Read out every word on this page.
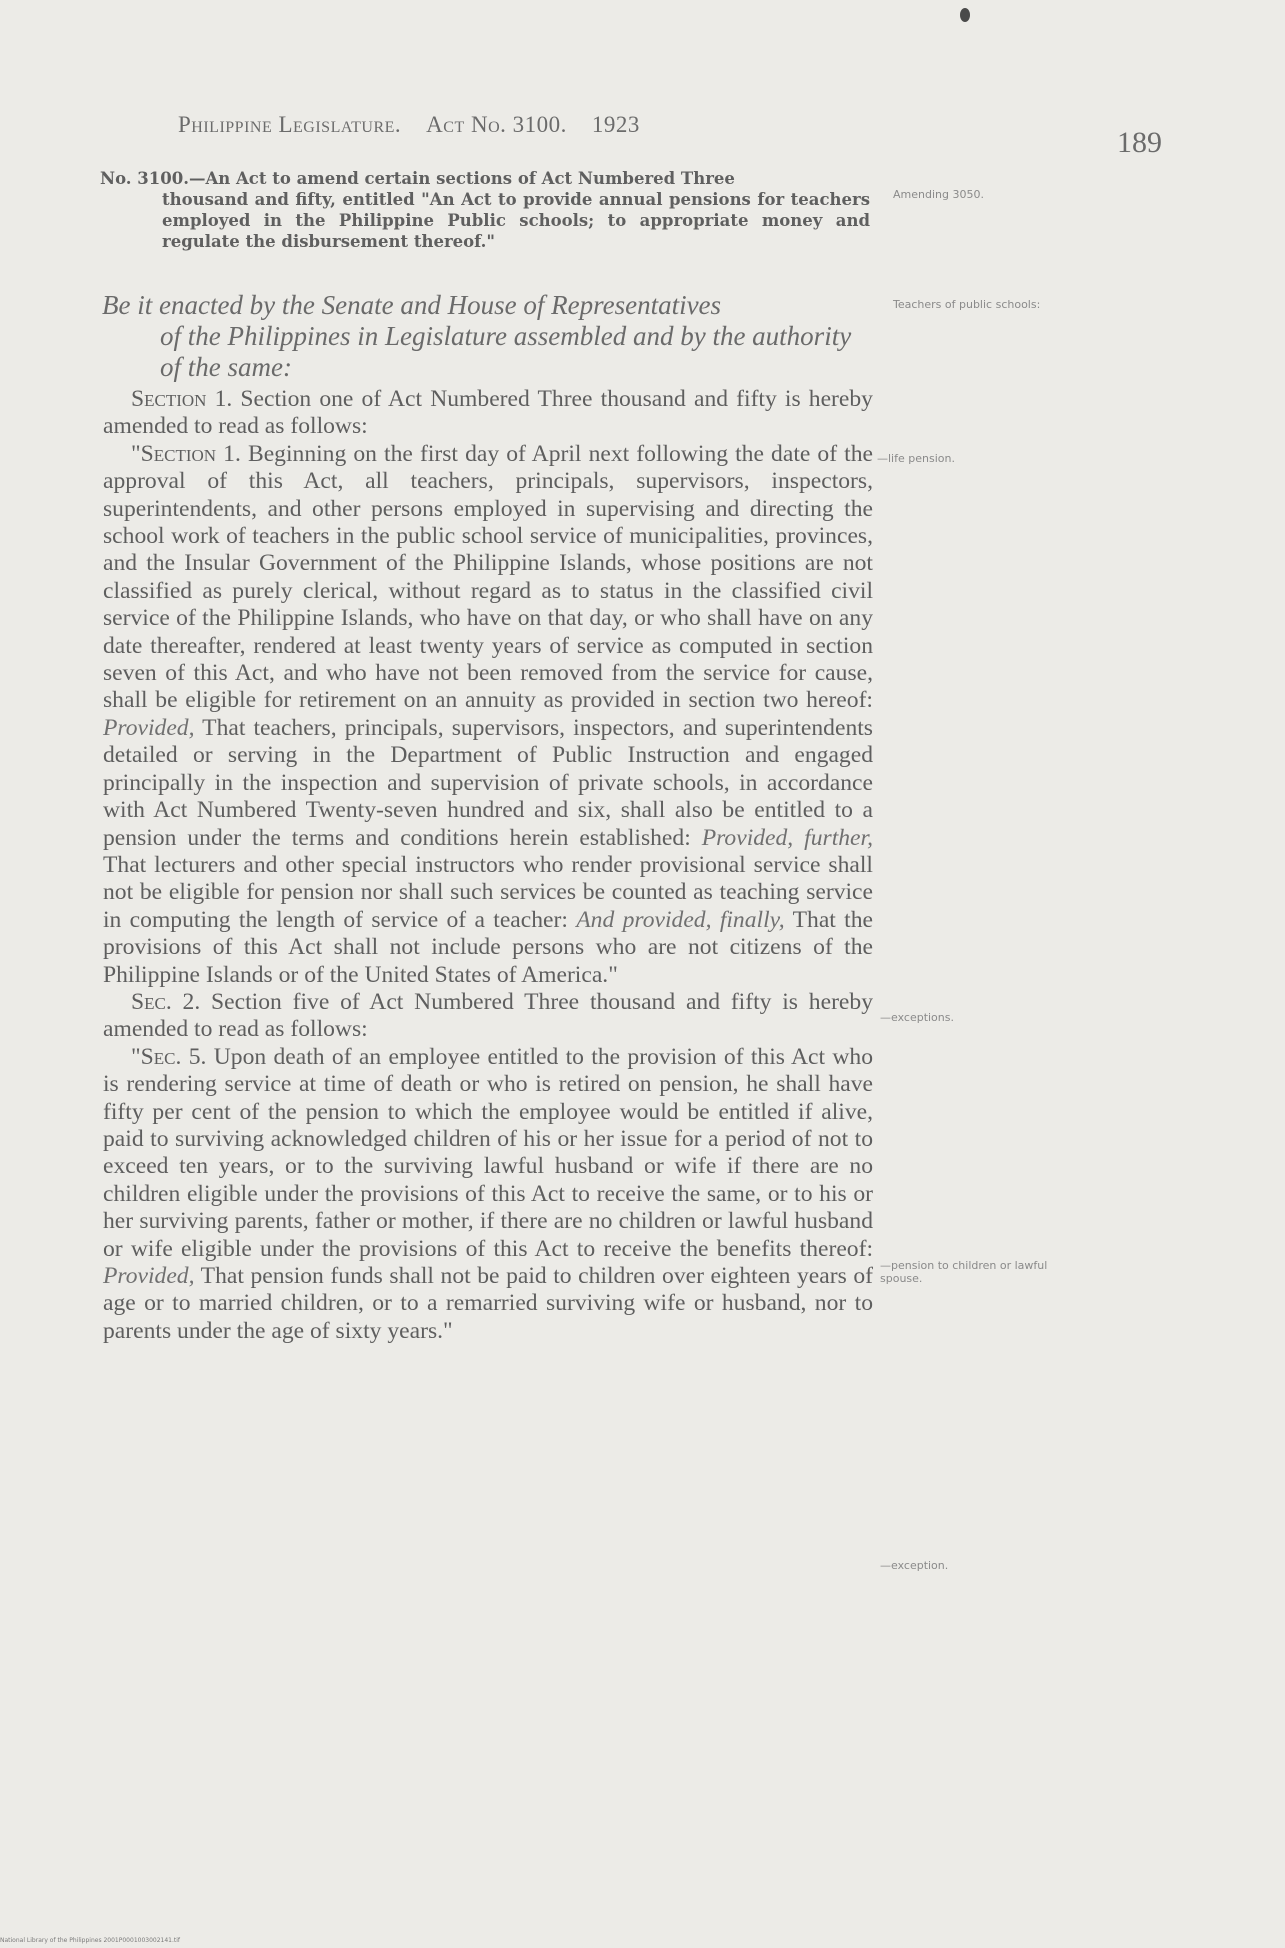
Philippine Legislature. Act No. 3100. 1923
189
No. 3100.—An Act to amend certain sections of Act Numbered Three
thousand and fifty, entitled "An Act to provide annual pensions for teachers employed in the Philippine Public schools; to appropriate money and regulate the disbursement thereof."
Be it enacted by the Senate and House of Representatives
of the Philippines in Legislature assembled and by the authority of the same:

Section 1. Section one of Act Numbered Three thousand and fifty is hereby amended to read as follows:

"Section 1. Beginning on the first day of April next following the date of the approval of this Act, all teachers, principals, supervisors, inspectors, superintendents, and other persons employed in supervising and directing the school work of teachers in the public school service of municipalities, provinces, and the Insular Government of the Philippine Islands, whose positions are not classified as purely clerical, without regard as to status in the classified civil service of the Philippine Islands, who have on that day, or who shall have on any date thereafter, rendered at least twenty years of service as computed in section seven of this Act, and who have not been removed from the service for cause, shall be eligible for retirement on an annuity as provided in section two hereof: Provided, That teachers, principals, supervisors, inspectors, and superintendents detailed or serving in the Department of Public Instruction and engaged principally in the inspection and supervision of private schools, in accordance with Act Numbered Twenty-seven hundred and six, shall also be entitled to a pension under the terms and conditions herein established: Provided, further, That lecturers and other special instructors who render provisional service shall not be eligible for pension nor shall such services be counted as teaching service in computing the length of service of a teacher: And provided, finally, That the provisions of this Act shall not include persons who are not citizens of the Philippine Islands or of the United States of America."

Sec. 2. Section five of Act Numbered Three thousand and fifty is hereby amended to read as follows:

"Sec. 5. Upon death of an employee entitled to the provision of this Act who is rendering service at time of death or who is retired on pension, he shall have fifty per cent of the pension to which the employee would be entitled if alive, paid to surviving acknowledged children of his or her issue for a period of not to exceed ten years, or to the surviving lawful husband or wife if there are no children eligible under the provisions of this Act to receive the same, or to his or her surviving parents, father or mother, if there are no children or lawful husband or wife eligible under the provisions of this Act to receive the benefits thereof: Provided, That pension funds shall not be paid to children over eighteen years of age or to married children, or to a remarried surviving wife or husband, nor to parents under the age of sixty years."

Amending 3050.
Teachers of public schools:
—life pension.
—exceptions.
—pension to children or lawful spouse.
—exception.
National Library of the Philippines 2001P0001003002141.tif
